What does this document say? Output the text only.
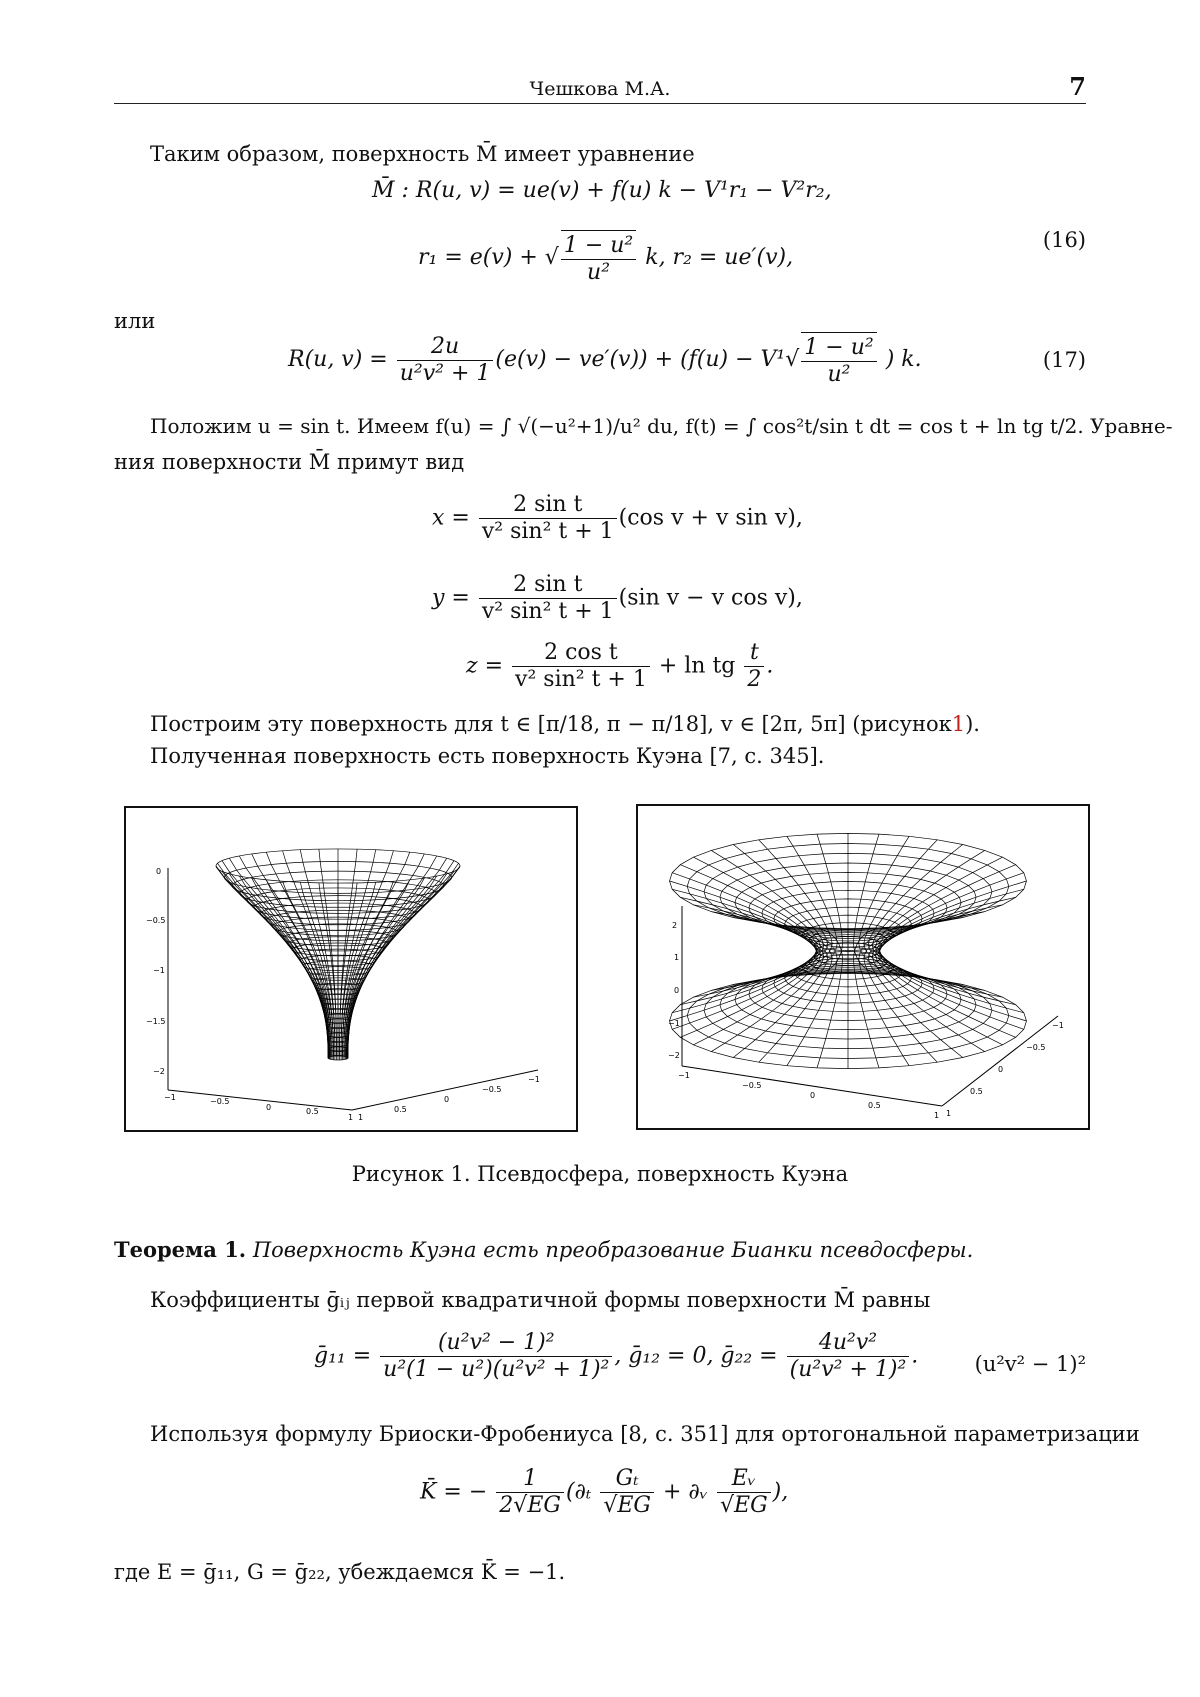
Чешкова М.А.	7
Таким образом, поверхность M̄ имеет уравнение
M̄ : R(u, v) = ue(v) + f(u) k − V¹r₁ − V²r₂,
r₁ = e(v) + √ 1 − u²
u²
k, r₂ = ue′(v),
(16)
или
R(u, v) =
2u
u²v² + 1
(e(v) − ve′(v)) + (f(u) − V¹√ 1 − u²
u²
) k.	(17)
Положим u = sin t. Имеем f(u) = ∫ √(−u²+1)/u² du, f(t) = ∫ cos²t/sin t dt = cos t + ln tg t/2. Уравне-
ния поверхности M̄ примут вид
x =
2 sin t
v² sin² t + 1
(cos v + v sin v),
y =
2 sin t
v² sin² t + 1
(sin v − v cos v),
z =
2 cos t
v² sin² t + 1
+ ln tg
t
2
.
Построим эту поверхность для t ∈ [π/18, π − π/18], v ∈ [2π, 5π] (рисунок1).
Полученная поверхность есть поверхность Куэна [7, с. 345].
0
−0.5
−1
−1.5
−2
−1	−0.5
0	0.5
1 1
0.5
0
−0.5
−1
2
1
0
−1
−2
−1
−0.5
0
0.5
1 1
0.5
0
−0.5
−1
Рисунок 1. Псевдосфера, поверхность Куэна
Теорема 1. Поверхность Куэна есть преобразование Бианки псевдосферы.
Коэффициенты ḡᵢⱼ первой квадратичной формы поверхности M̄ равны
ḡ₁₁ =
(u²v² − 1)²
u²(1 − u²)(u²v² + 1)²
, ḡ₁₂ = 0, ḡ₂₂ =
4u²v²
(u²v² + 1)²
.	(u²v² − 1)²
Используя формулу Бриоски-Фробениуса [8, с. 351] для ортогональной параметризации
K̄ = −
1
2√EG
(∂ₜ
Gₜ
√EG
+ ∂ᵥ
Eᵥ
√EG
),
где E = ḡ₁₁, G = ḡ₂₂, убеждаемся K̄ = −1.
